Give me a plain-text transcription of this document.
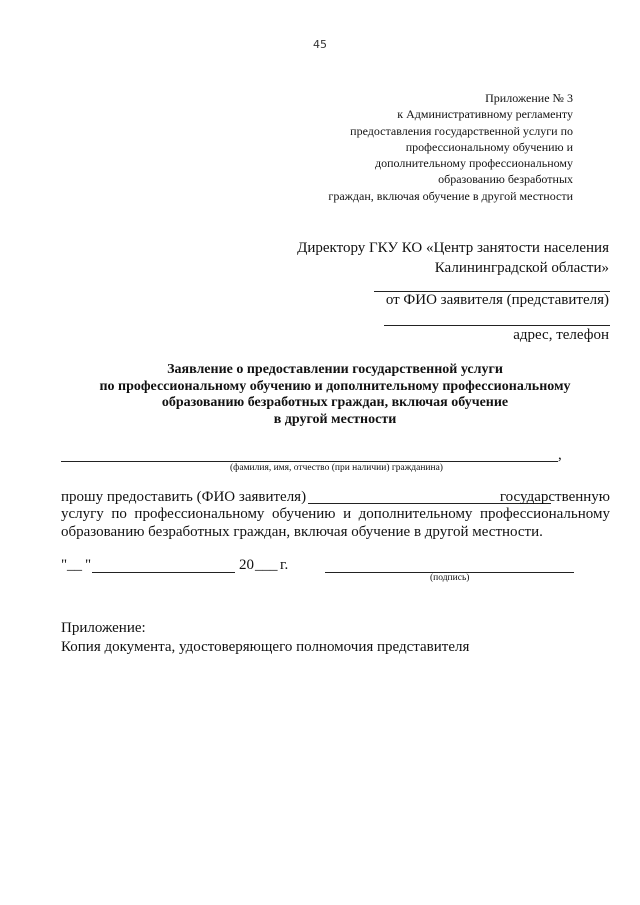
45
Приложение № 3
к Административному регламенту
предоставления государственной услуги по
профессиональному обучению и
дополнительному профессиональному
образованию безработных
граждан, включая обучение в другой местности
Директору ГКУ КО «Центр занятости населения
Калининградской области»
от ФИО заявителя (представителя)
адрес, телефон
Заявление о предоставлении государственной услуги
по профессиональному обучению и дополнительному профессиональному
образованию безработных граждан, включая обучение
в другой местности
,
(фамилия, имя, отчество (при наличии) гражданина)
прошу предоставить (ФИО заявителя)	государственную
услугу по профессиональному обучению и дополнительному профессиональному
образованию безработных граждан, включая обучение в другой местности.
" __ "	20 ___ г.
(подпись)
Приложение:
Копия документа, удостоверяющего полномочия представителя
